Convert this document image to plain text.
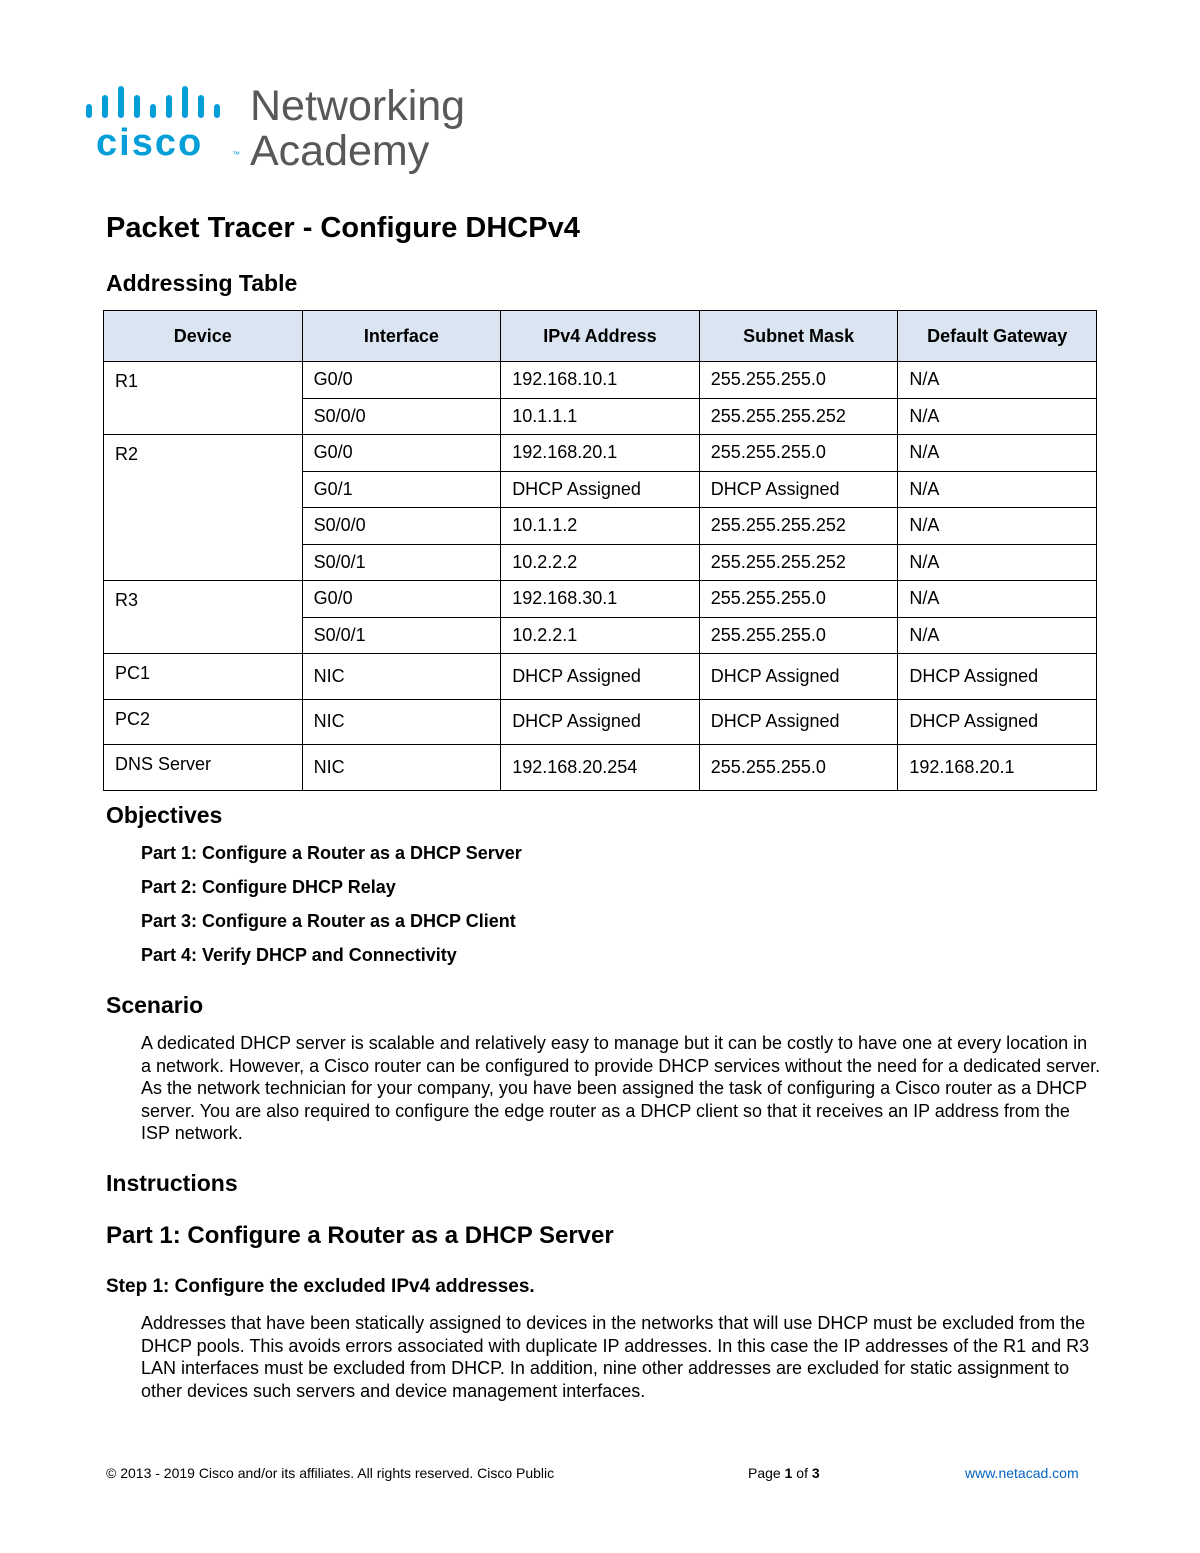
cisco	™
Networking
Academy
Packet Tracer - Configure DHCPv4
Addressing Table
Device	Interface	IPv4 Address	Subnet Mask	Default Gateway
R1	G0/0	192.168.10.1	255.255.255.0	N/A
	S0/0/0	10.1.1.1	255.255.255.252	N/A
R2	G0/0	192.168.20.1	255.255.255.0	N/A
	G0/1	DHCP Assigned	DHCP Assigned	N/A
	S0/0/0	10.1.1.2	255.255.255.252	N/A
	S0/0/1	10.2.2.2	255.255.255.252	N/A
R3	G0/0	192.168.30.1	255.255.255.0	N/A
	S0/0/1	10.2.2.1	255.255.255.0	N/A
PC1	NIC	DHCP Assigned	DHCP Assigned	DHCP Assigned
PC2	NIC	DHCP Assigned	DHCP Assigned	DHCP Assigned
DNS Server	NIC	192.168.20.254	255.255.255.0	192.168.20.1
Objectives
Part 1: Configure a Router as a DHCP Server
Part 2: Configure DHCP Relay
Part 3: Configure a Router as a DHCP Client
Part 4: Verify DHCP and Connectivity
Scenario

A dedicated DHCP server is scalable and relatively easy to manage but it can be costly to have one at every location in a network. However, a Cisco router can be configured to provide DHCP services without the need for a dedicated server. As the network technician for your company, you have been assigned the task of configuring a Cisco router as a DHCP server. You are also required to configure the edge router as a DHCP client so that it receives an IP address from the ISP network.

Instructions
Part 1: Configure a Router as a DHCP Server
Step 1: Configure the excluded IPv4 addresses.

Addresses that have been statically assigned to devices in the networks that will use DHCP must be excluded from the DHCP pools. This avoids errors associated with duplicate IP addresses. In this case the IP addresses of the R1 and R3 LAN interfaces must be excluded from DHCP. In addition, nine other addresses are excluded for static assignment to other devices such servers and device management interfaces.

© 2013 - 2019 Cisco and/or its affiliates. All rights reserved. Cisco Public	Page 1 of 3	www.netacad.com
